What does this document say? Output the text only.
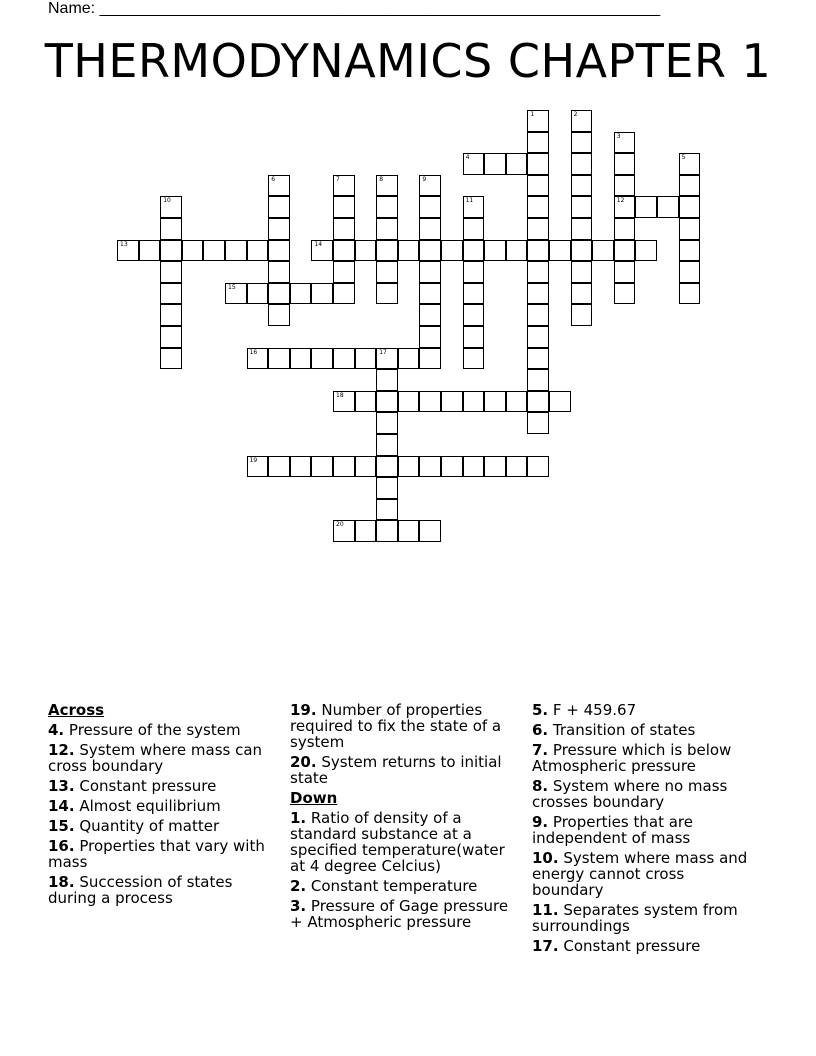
Name: _______________________________________________________________
THERMODYNAMICS CHAPTER 1
1	2
3
12
4	5
6	7	8	9
10	11
13	14
15
16	17
18
19
20
Across
4. Pressure of the system
12. System where mass can cross boundary
13. Constant pressure
14. Almost equilibrium
15. Quantity of matter
16. Properties that vary with mass
18. Succession of states during a process
19. Number of properties required to fix the state of a system
20. System returns to initial state
Down
1. Ratio of density of a standard substance at a specified temperature(water at 4 degree Celcius)
2. Constant temperature
3. Pressure of Gage pressure + Atmospheric pressure
5. F + 459.67
6. Transition of states
7. Pressure which is below Atmospheric pressure
8. System where no mass crosses boundary
9. Properties that are independent of mass
10. System where mass and energy cannot cross boundary
11. Separates system from surroundings
17. Constant pressure
